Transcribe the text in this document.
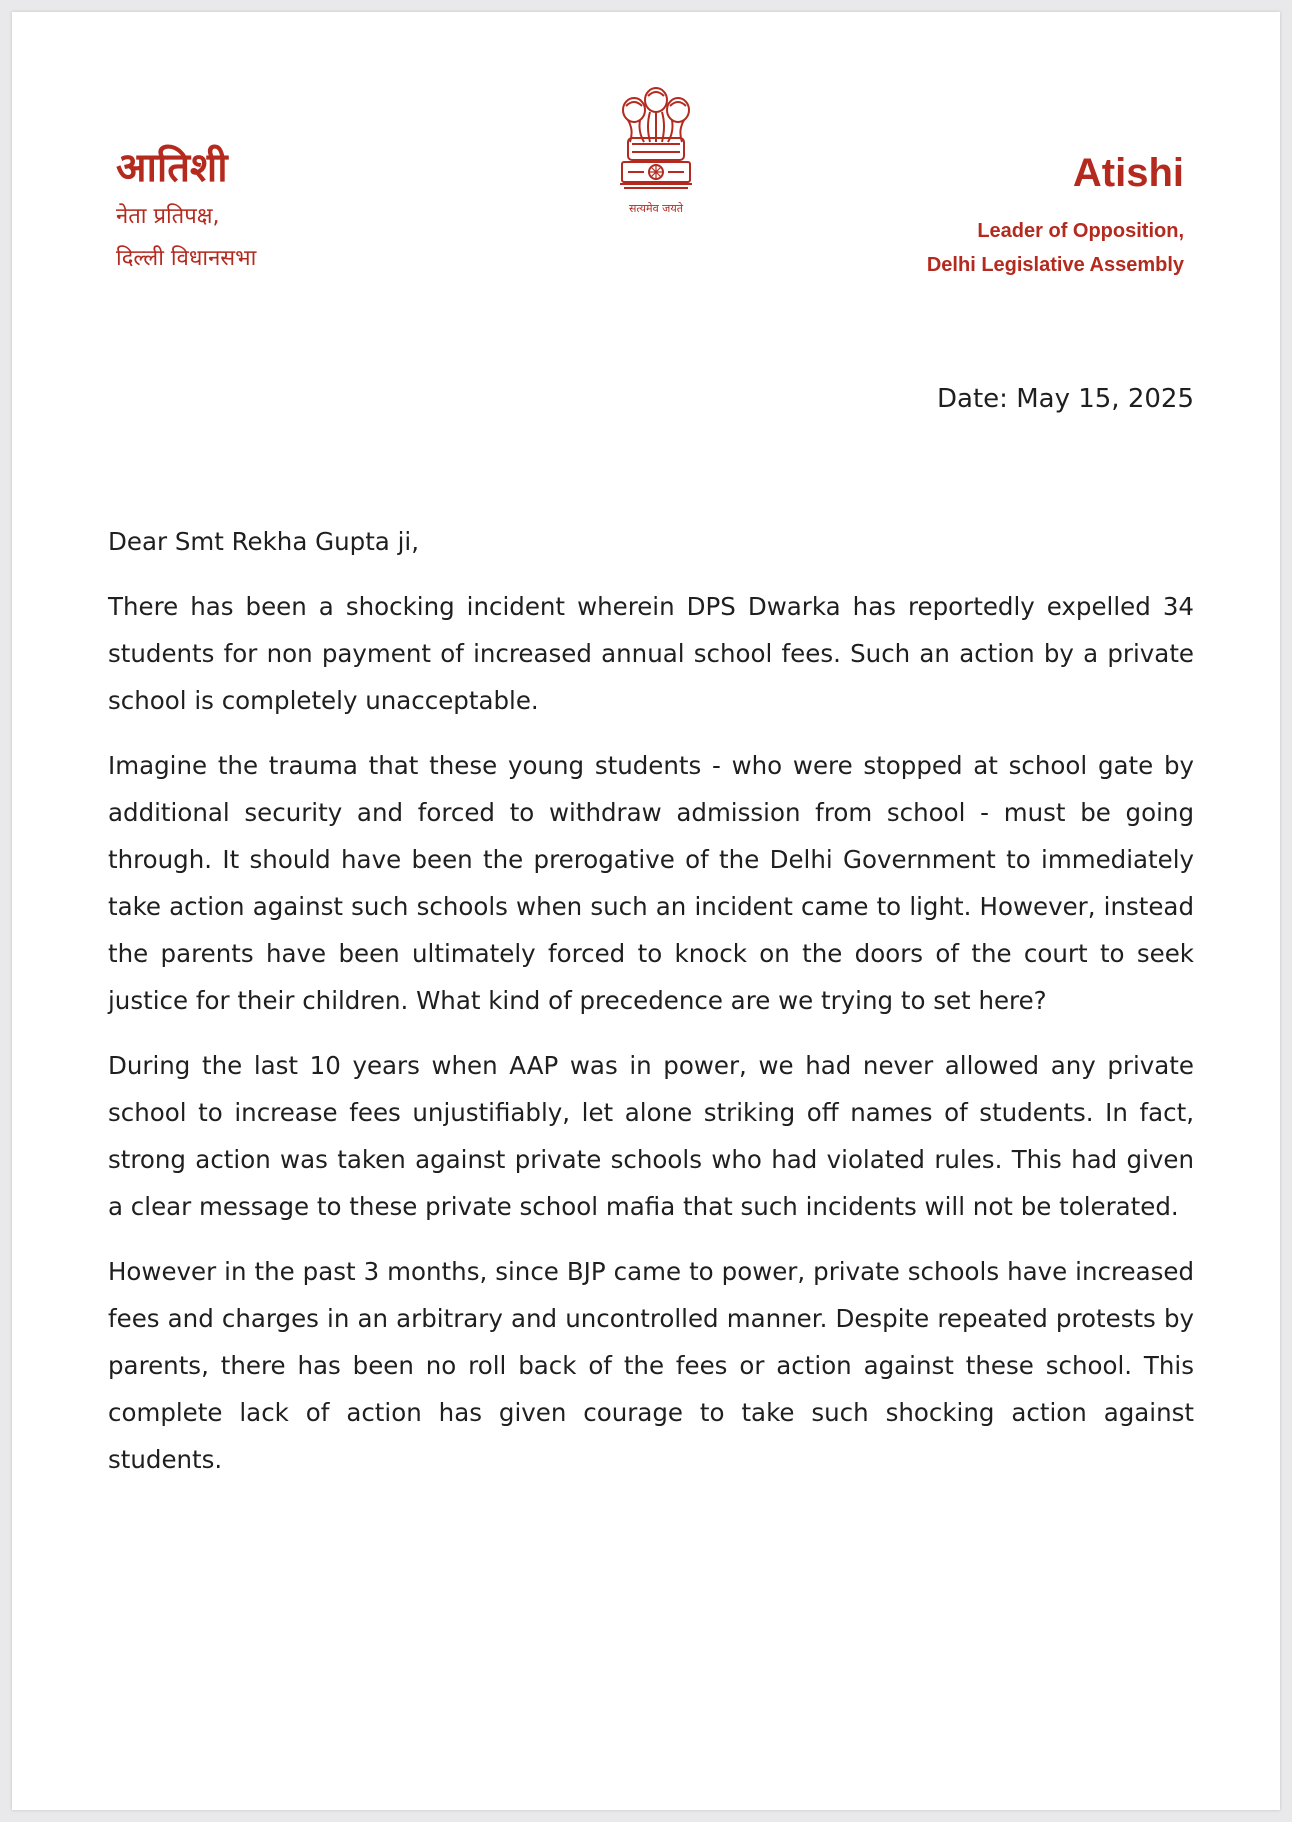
आतिशी
नेता प्रतिपक्ष,
दिल्ली विधानसभा
सत्यमेव जयते
Atishi
Leader of Opposition,
Delhi Legislative Assembly
Date: May 15, 2025

Dear Smt Rekha Gupta ji,

There has been a shocking incident wherein DPS Dwarka has reportedly expelled 34 students for non payment of increased annual school fees. Such an action by a private school is completely unacceptable.

Imagine the trauma that these young students - who were stopped at school gate by additional security and forced to withdraw admission from school - must be going through. It should have been the prerogative of the Delhi Government to immediately take action against such schools when such an incident came to light. However, instead the parents have been ultimately forced to knock on the doors of the court to seek justice for their children. What kind of precedence are we trying to set here?

During the last 10 years when AAP was in power, we had never allowed any private school to increase fees unjustifiably, let alone striking off names of students. In fact, strong action was taken against private schools who had violated rules. This had given a clear message to these private school mafia that such incidents will not be tolerated.

However in the past 3 months, since BJP came to power, private schools have increased fees and charges in an arbitrary and uncontrolled manner. Despite repeated protests by parents, there has been no roll back of the fees or action against these school. This complete lack of action has given courage to take such shocking action against students.
